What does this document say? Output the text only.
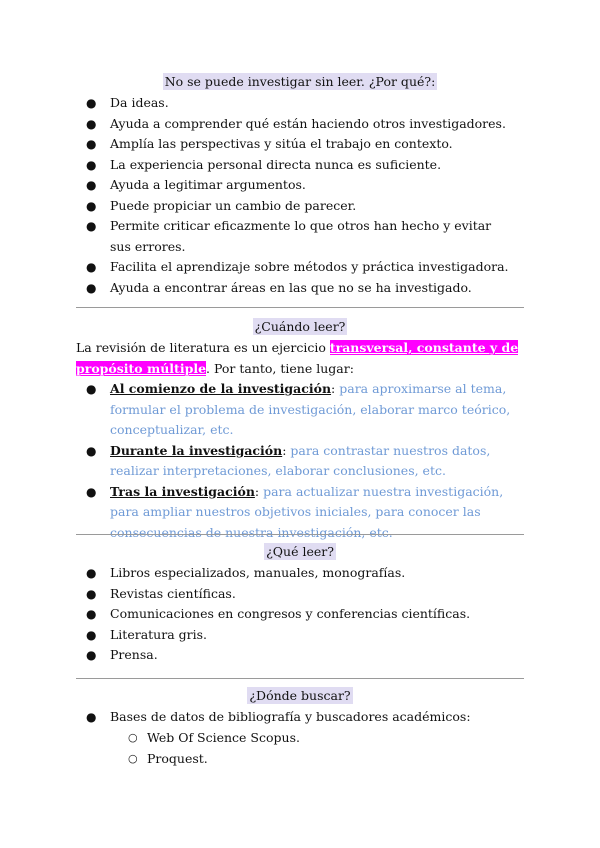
No se puede investigar sin leer. ¿Por qué?:
● Da ideas.
● Ayuda a comprender qué están haciendo otros investigadores.
● Amplía las perspectivas y sitúa el trabajo en contexto.
● La experiencia personal directa nunca es suficiente.
● Ayuda a legitimar argumentos.
● Puede propiciar un cambio de parecer.
● Permite criticar eficazmente lo que otros han hecho y evitar sus errores.
● Facilita el aprendizaje sobre métodos y práctica investigadora.
● Ayuda a encontrar áreas en las que no se ha investigado.
¿Cuándo leer?
La revisión de literatura es un ejercicio transversal, constante y de propósito múltiple. Por tanto, tiene lugar:
● Al comienzo de la investigación: para aproximarse al tema, formular el problema de investigación, elaborar marco teórico, conceptualizar, etc.
● Durante la investigación: para contrastar nuestros datos, realizar interpretaciones, elaborar conclusiones, etc.
● Tras la investigación: para actualizar nuestra investigación, para ampliar nuestros objetivos iniciales, para conocer las consecuencias de nuestra investigación, etc.
¿Qué leer?
● Libros especializados, manuales, monografías.
● Revistas científicas.
● Comunicaciones en congresos y conferencias científicas.
● Literatura gris.
● Prensa.
¿Dónde buscar?
● Bases de datos de bibliografía y buscadores académicos:
○ Web Of Science Scopus.
○ Proquest.
